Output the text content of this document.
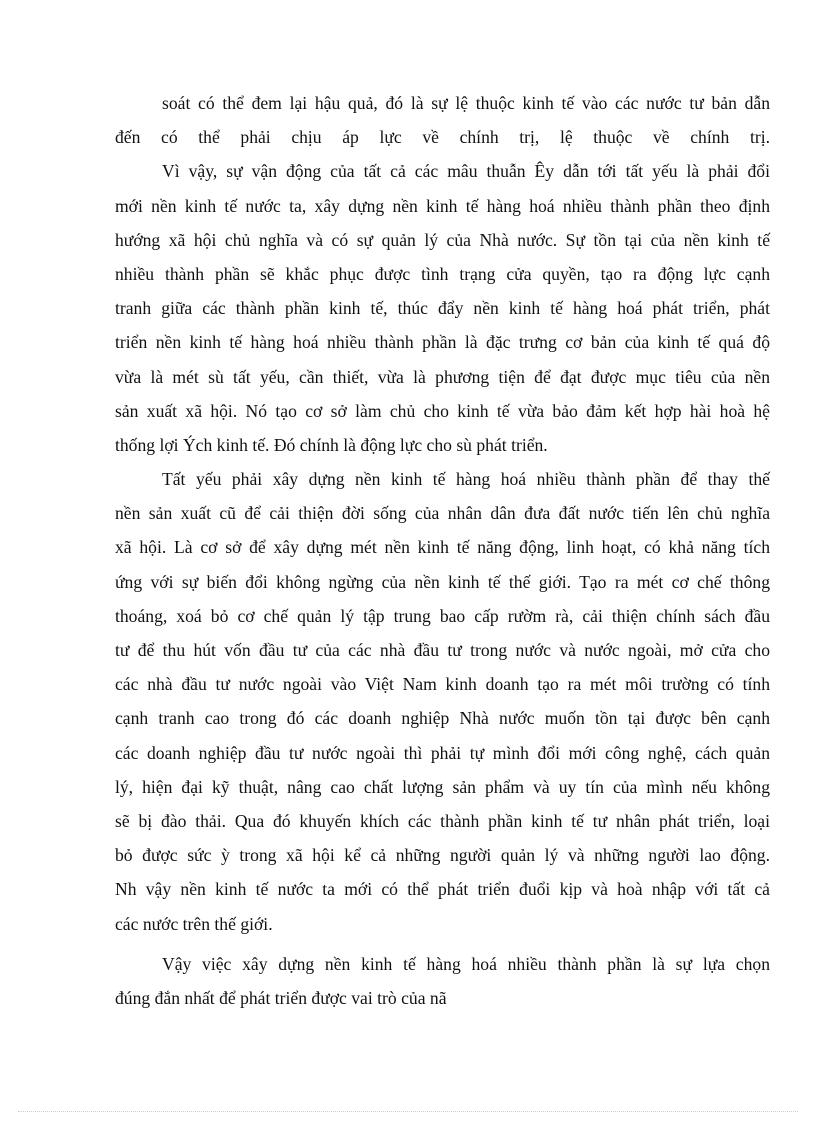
soát có thể đem lại hậu quả, đó là sự lệ thuộc kinh tế vào các nước tư bản dẫn
đến có thể phải chịu áp lực về chính trị, lệ thuộc về chính trị.
Vì vậy, sự vận động của tất cả các mâu thuẫn Êy dẫn tới tất yếu là phải đổi
mới nền kinh tế nước ta, xây dựng nền kinh tế hàng hoá nhiều thành phần theo định
hướng xã hội chủ nghĩa và có sự quản lý của Nhà nước. Sự tồn tại của nền kinh tế
nhiều thành phần sẽ khắc phục được tình trạng cửa quyền, tạo ra động lực cạnh
tranh giữa các thành phần kinh tế, thúc đẩy nền kinh tế hàng hoá phát triển, phát
triển nền kinh tế hàng hoá nhiều thành phần là đặc trưng cơ bản của kinh tế quá độ
vừa là mét sù tất yếu, cần thiết, vừa là phương tiện để đạt được mục tiêu của nền
sản xuất xã hội. Nó tạo cơ sở làm chủ cho kinh tế vừa bảo đảm kết hợp hài hoà hệ
thống lợi Ých kinh tế. Đó chính là động lực cho sù phát triển.
Tất yếu phải xây dựng nền kinh tế hàng hoá nhiều thành phần để thay thế
nền sản xuất cũ để cải thiện đời sống của nhân dân đưa đất nước tiến lên chủ nghĩa
xã hội. Là cơ sở để xây dựng mét nền kinh tế năng động, linh hoạt, có khả năng tích
ứng với sự biến đổi không ngừng của nền kinh tế thế giới. Tạo ra mét cơ chế thông
thoáng, xoá bỏ cơ chế quản lý tập trung bao cấp rườm rà, cải thiện chính sách đầu
tư để thu hút vốn đầu tư của các nhà đầu tư trong nước và nước ngoài, mở cửa cho
các nhà đầu tư nước ngoài vào Việt Nam kinh doanh tạo ra mét môi trường có tính
cạnh tranh cao trong đó các doanh nghiệp Nhà nước muốn tồn tại được bên cạnh
các doanh nghiệp đầu tư nước ngoài thì phải tự mình đổi mới công nghệ, cách quản
lý, hiện đại kỹ thuật, nâng cao chất lượng sản phẩm và uy tín của mình nếu không
sẽ bị đào thải. Qua đó khuyến khích các thành phần kinh tế tư nhân phát triển, loại
bỏ được sức ỳ trong xã hội kể cả những người quản lý và những người lao động.
Nh vậy nền kinh tế nước ta mới có thể phát triển đuổi kịp và hoà nhập với tất cả
các nước trên thế giới.
Vậy việc xây dựng nền kinh tế hàng hoá nhiều thành phần là sự lựa chọn
đúng đắn nhất để phát triển được vai trò của nã
